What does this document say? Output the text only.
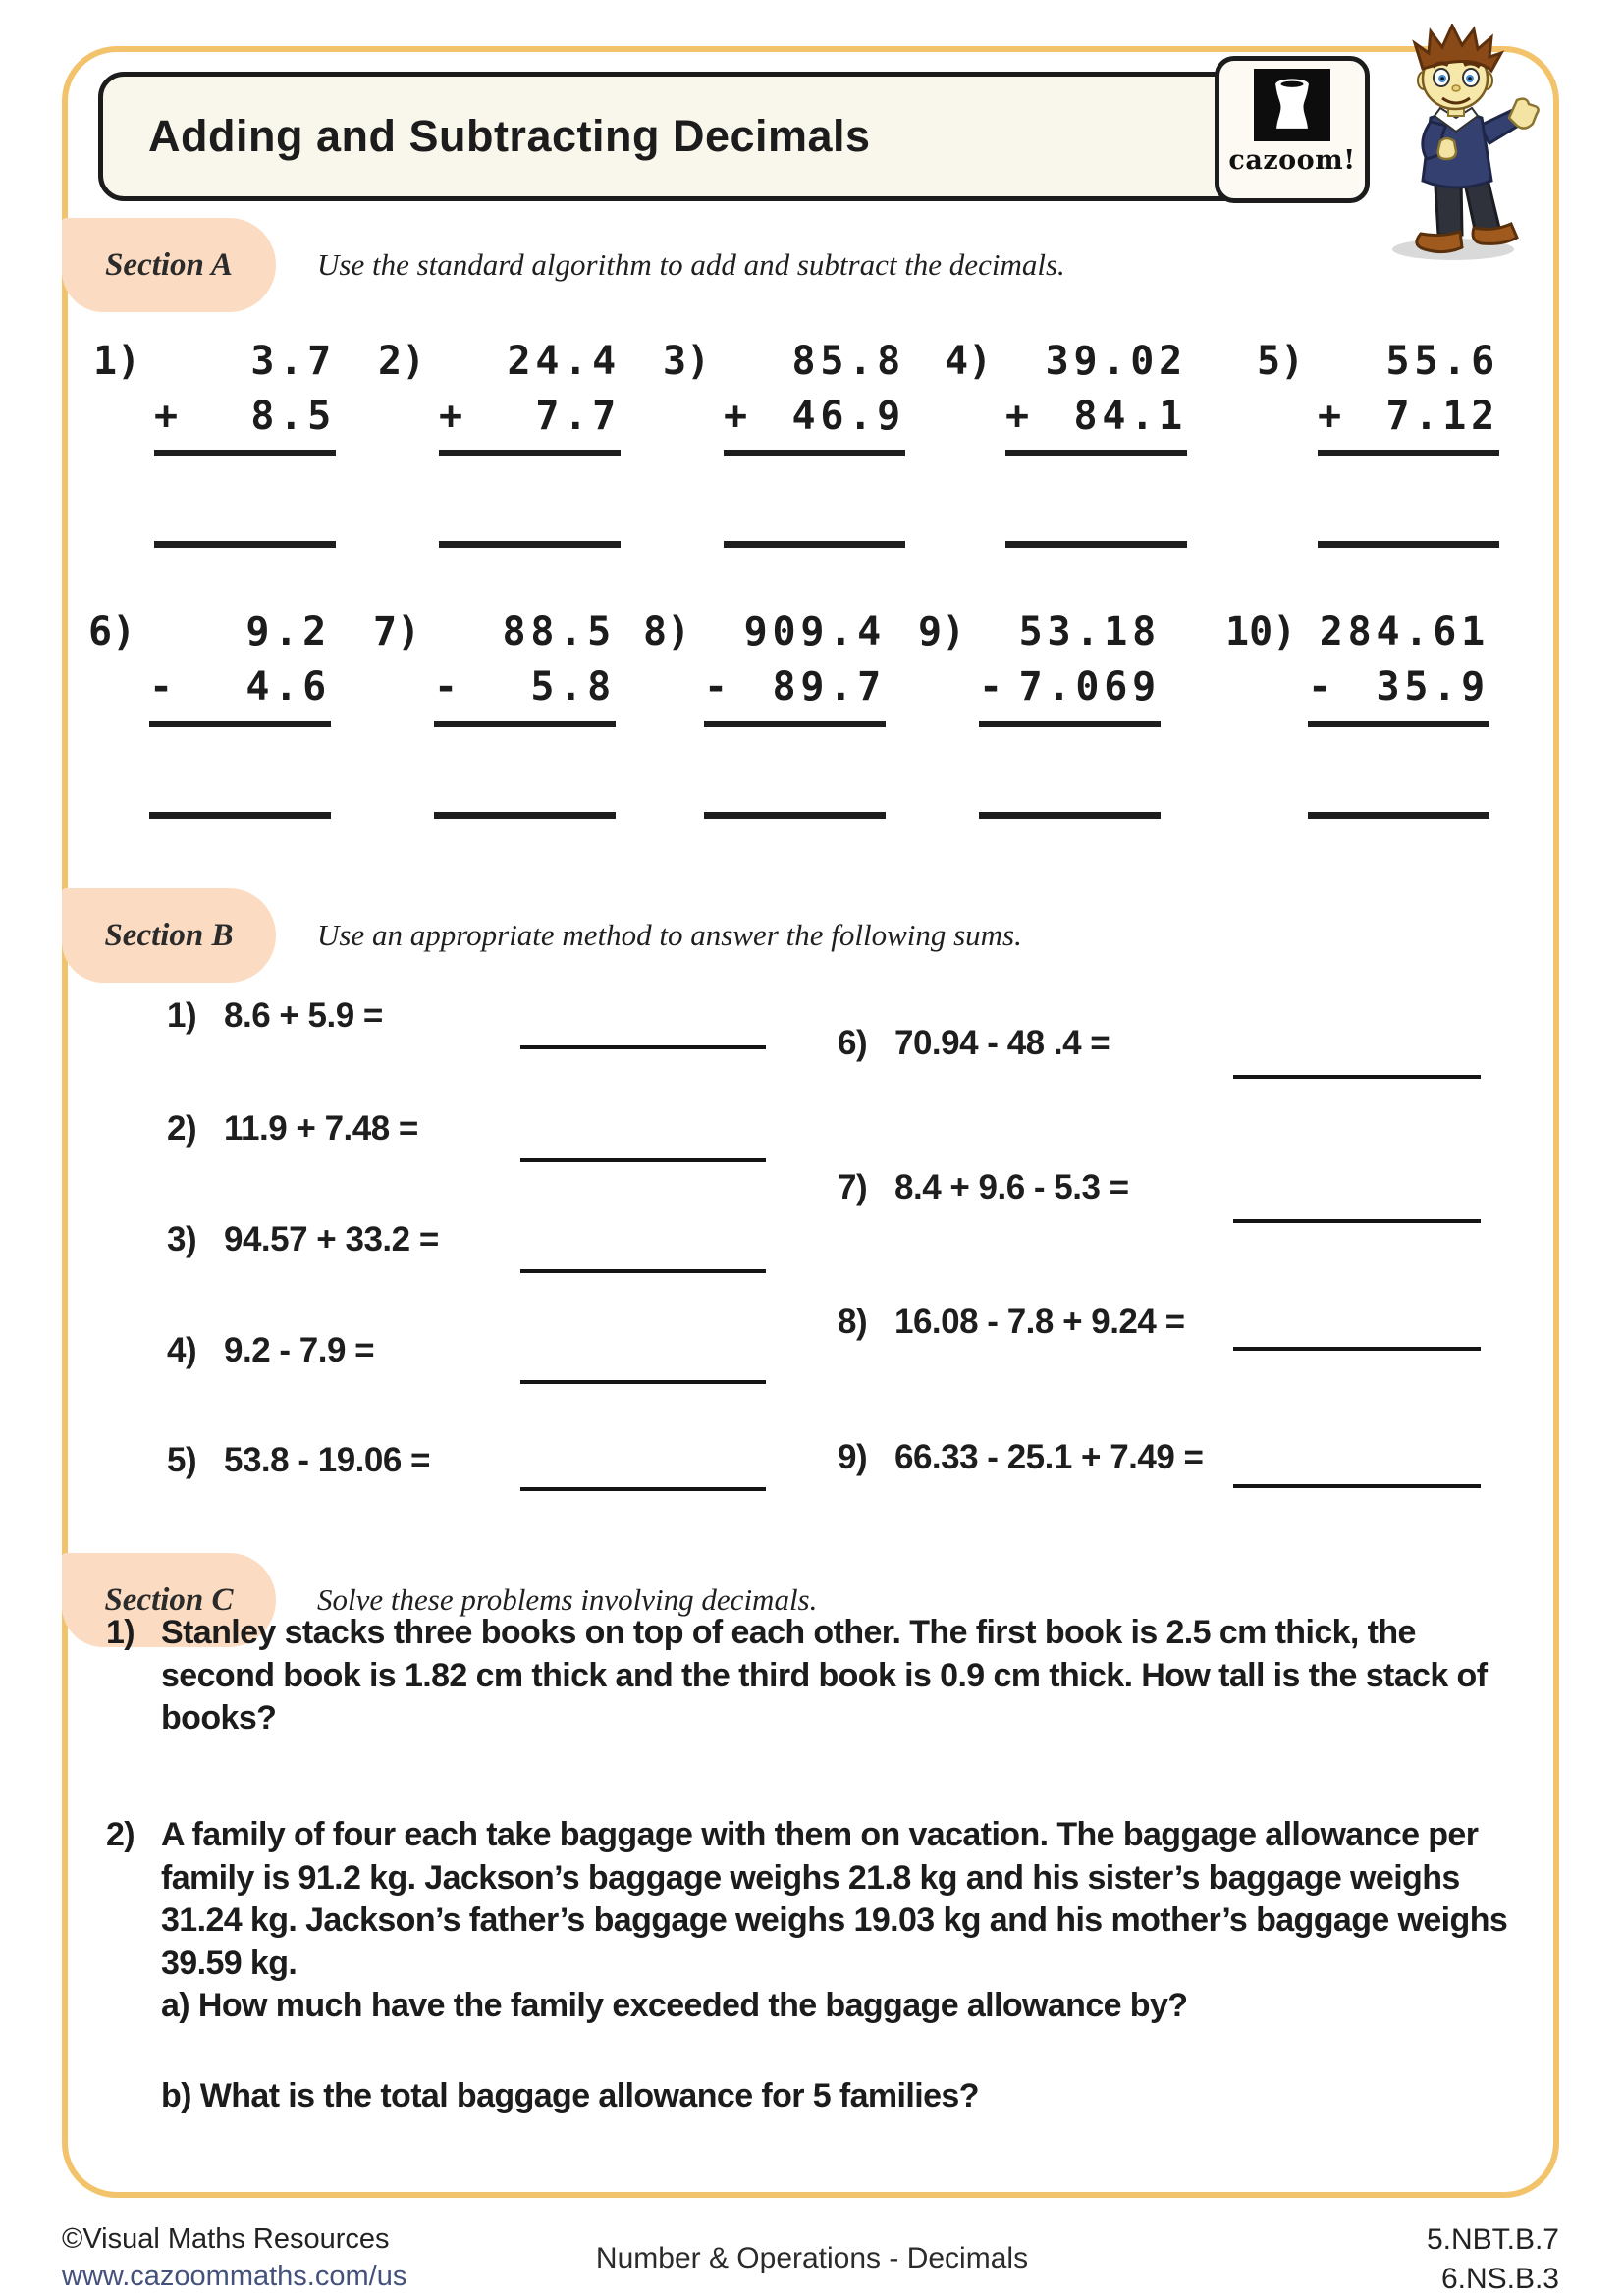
Adding and Subtracting Decimals	cazoom!
Section A	Use the standard algorithm to add and subtract the decimals.
1)	3.7
+ 8.5
2)	24.4
+ 7.7
3)	85.8
+ 46.9
4)	39.02
+ 84.1
5)	55.6
+ 7.12
6)	9.2
- 4.6
7)	88.5
- 5.8
8)	909.4
- 89.7
9)	53.18
- 7.069
10) 284.61
- 35.9
Section B	Use an appropriate method to answer the following sums.
1) 8.6 + 5.9 =
2) 11.9 + 7.48 =
3) 94.57 + 33.2 =
4) 9.2 - 7.9 =
5) 53.8 - 19.06 =
6) 70.94 - 48 .4 =
7) 8.4 + 9.6 - 5.3 =
8) 16.08 - 7.8 + 9.24 =
9) 66.33 - 25.1 + 7.49 =
Section C	Solve these problems involving decimals.
1) Stanley stacks three books on top of each other. The first book is 2.5 cm thick, the second book is 1.82 cm thick and the third book is 0.9 cm thick. How tall is the stack of books?
2) A family of four each take baggage with them on vacation. The baggage allowance per family is 91.2 kg. Jackson’s baggage weighs 21.8 kg and his sister’s baggage weighs 31.24 kg. Jackson’s father’s baggage weighs 19.03 kg and his mother’s baggage weighs 39.59 kg.
a) How much have the family exceeded the baggage allowance by?
b) What is the total baggage allowance for 5 families?
©Visual Maths Resources
www.cazoommaths.com/us
Number & Operations - Decimals
5.NBT.B.7
6.NS.B.3
